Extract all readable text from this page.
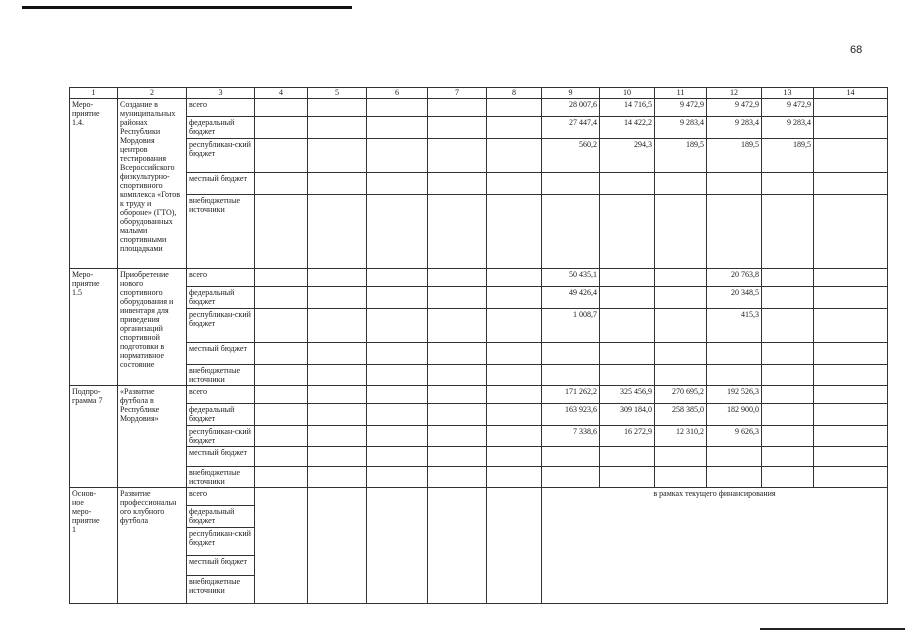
68
1	2	3	4	5	6	7	8	9	10	11	12	13	14
Меро-
приятие
1.4.	Создание в муниципальных районах Республики Мордовия центров тестирования Всероссийского физкультурно-спортивного комплекса «Готов к труду и обороне» (ГТО), оборудованных малыми спортивными площадками	всего						28 007,6	14 716,5	9 472,9	9 472,9	9 472,9	
		федеральный бюджет						27 447,4	14 422,2	9 283,4	9 283,4	9 283,4	
		республикан-ский бюджет						560,2	294,3	189,5	189,5	189,5	
		местный бюджет											
		внебюджетные источники											
Меро-
приятие
1.5	Приобретение нового спортивного оборудования и инвентаря для приведения организаций спортивной подготовки в нормативное состояние	всего						50 435,1			20 763,8		
		федеральный бюджет						49 426,4			20 348,5		
		республикан-ский бюджет						1 008,7			415,3		
		местный бюджет											
		внебюджетные источники											
Подпро-
грамма 7	«Развитие футбола в Республике Мордовия»	всего						171 262,2	325 456,9	270 695,2	192 526,3		
		федеральный бюджет						163 923,6	309 184,0	258 385,0	182 900,0		
		республикан-ский бюджет						7 338,6	16 272,9	12 310,2	9 626,3		
		местный бюджет											
		внебюджетные источники											
Основ-
ное
меро-
приятие
1	Развитие профессиональн ого клубного футбола	всего						в рамках текущего финансирования					
		федеральный бюджет											
		республикан-ский бюджет											
		местный бюджет											
		внебюджетные источники											
